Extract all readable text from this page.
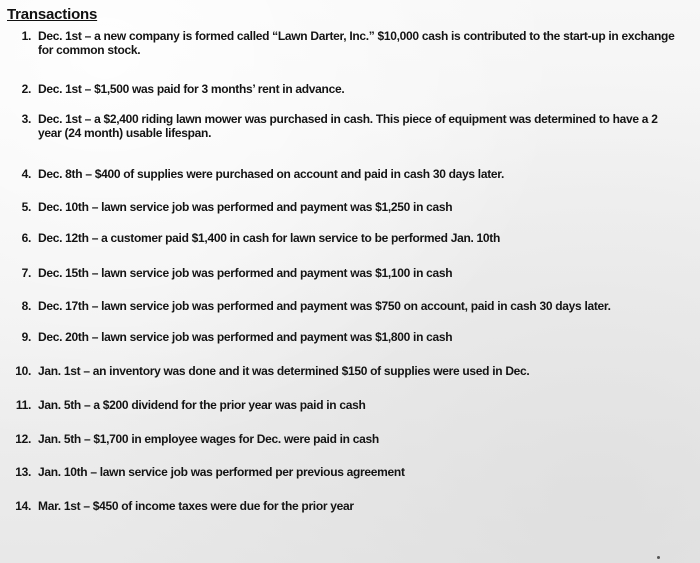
Transactions
1. Dec. 1st – a new company is formed called “Lawn Darter, Inc.” $10,000 cash is contributed to the start-up in exchange for common stock.
2. Dec. 1st – $1,500 was paid for 3 months’ rent in advance.
3. Dec. 1st – a $2,400 riding lawn mower was purchased in cash. This piece of equipment was determined to have a 2 year (24 month) usable lifespan.
4. Dec. 8th – $400 of supplies were purchased on account and paid in cash 30 days later.
5. Dec. 10th – lawn service job was performed and payment was $1,250 in cash
6. Dec. 12th – a customer paid $1,400 in cash for lawn service to be performed Jan. 10th
7. Dec. 15th – lawn service job was performed and payment was $1,100 in cash
8. Dec. 17th – lawn service job was performed and payment was $750 on account, paid in cash 30 days later.
9. Dec. 20th – lawn service job was performed and payment was $1,800 in cash
10. Jan. 1st – an inventory was done and it was determined $150 of supplies were used in Dec.
11. Jan. 5th – a $200 dividend for the prior year was paid in cash
12. Jan. 5th – $1,700 in employee wages for Dec. were paid in cash
13. Jan. 10th – lawn service job was performed per previous agreement
14. Mar. 1st – $450 of income taxes were due for the prior year
